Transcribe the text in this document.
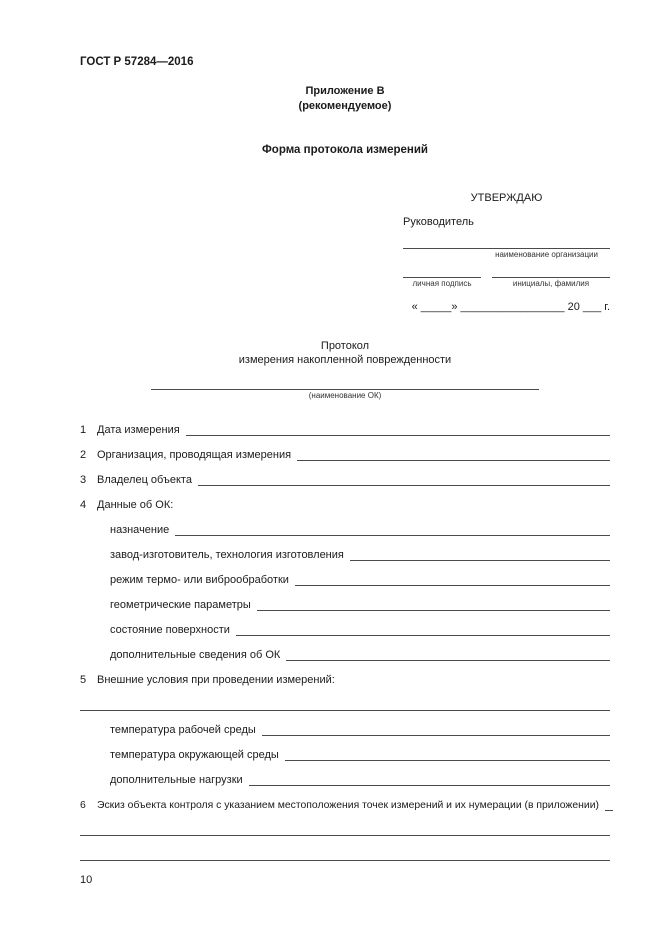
ГОСТ Р 57284—2016
Приложение В
(рекомендуемое)
Форма протокола измерений
УТВЕРЖДАЮ
Руководитель
наименование организации
личная подпись	инициалы, фамилия
« _____» _________________ 20 ___ г.
Протокол
измерения накопленной поврежденности
(наименование ОК)
1 Дата измерения
2 Организация, проводящая измерения
3 Владелец объекта
4 Данные об ОК:
назначение
завод-изготовитель, технология изготовления
режим термо- или виброобработки
геометрические параметры
состояние поверхности
дополнительные сведения об ОК
5 Внешние условия при проведении измерений:
температура рабочей среды
температура окружающей среды
дополнительные нагрузки
6	Эскиз объекта контроля с указанием местоположения точек измерений и их нумерации (в приложении)
10
